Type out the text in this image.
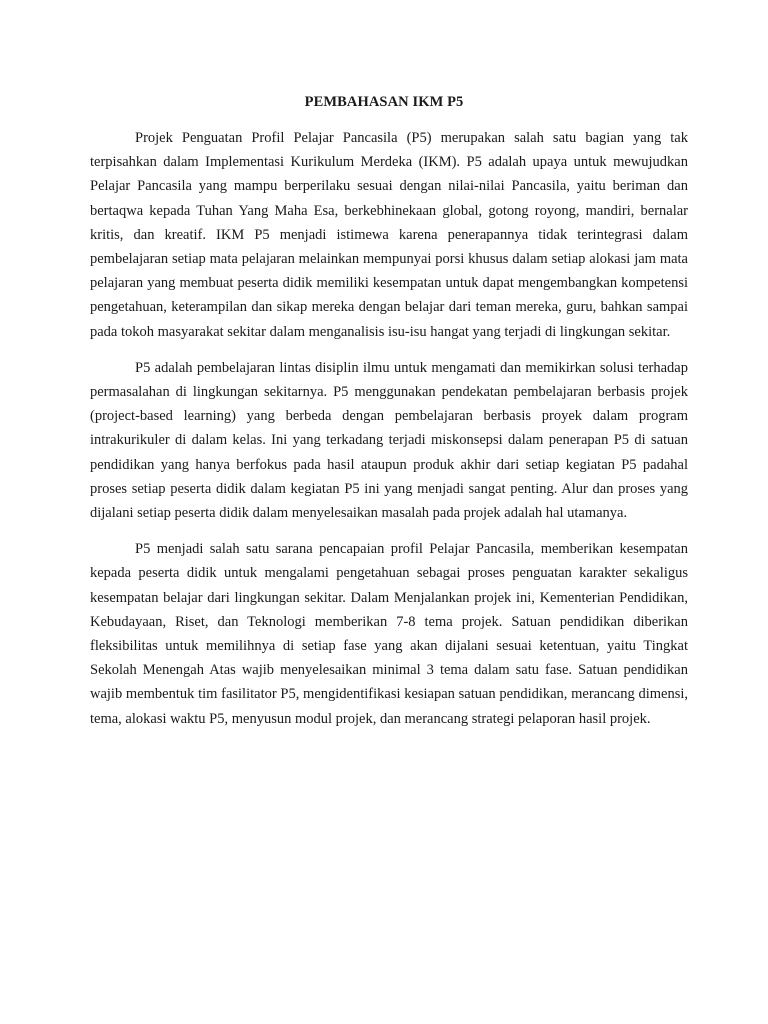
PEMBAHASAN IKM P5

Projek Penguatan Profil Pelajar Pancasila (P5) merupakan salah satu bagian yang tak terpisahkan dalam Implementasi Kurikulum Merdeka (IKM). P5 adalah upaya untuk mewujudkan Pelajar Pancasila yang mampu berperilaku sesuai dengan nilai-nilai Pancasila, yaitu beriman dan bertaqwa kepada Tuhan Yang Maha Esa, berkebhinekaan global, gotong royong, mandiri, bernalar kritis, dan kreatif. IKM P5 menjadi istimewa karena penerapannya tidak terintegrasi dalam pembelajaran setiap mata pelajaran melainkan mempunyai porsi khusus dalam setiap alokasi jam mata pelajaran yang membuat peserta didik memiliki kesempatan untuk dapat mengembangkan kompetensi pengetahuan, keterampilan dan sikap mereka dengan belajar dari teman mereka, guru, bahkan sampai pada tokoh masyarakat sekitar dalam menganalisis isu-isu hangat yang terjadi di lingkungan sekitar.

P5 adalah pembelajaran lintas disiplin ilmu untuk mengamati dan memikirkan solusi terhadap permasalahan di lingkungan sekitarnya. P5 menggunakan pendekatan pembelajaran berbasis projek (project-based learning) yang berbeda dengan pembelajaran berbasis proyek dalam program intrakurikuler di dalam kelas. Ini yang terkadang terjadi miskonsepsi dalam penerapan P5 di satuan pendidikan yang hanya berfokus pada hasil ataupun produk akhir dari setiap kegiatan P5 padahal proses setiap peserta didik dalam kegiatan P5 ini yang menjadi sangat penting. Alur dan proses yang dijalani setiap peserta didik dalam menyelesaikan masalah pada projek adalah hal utamanya.

P5 menjadi salah satu sarana pencapaian profil Pelajar Pancasila, memberikan kesempatan kepada peserta didik untuk mengalami pengetahuan sebagai proses penguatan karakter sekaligus kesempatan belajar dari lingkungan sekitar. Dalam Menjalankan projek ini, Kementerian Pendidikan, Kebudayaan, Riset, dan Teknologi memberikan 7-8 tema projek. Satuan pendidikan diberikan fleksibilitas untuk memilihnya di setiap fase yang akan dijalani sesuai ketentuan, yaitu Tingkat Sekolah Menengah Atas wajib menyelesaikan minimal 3 tema dalam satu fase. Satuan pendidikan wajib membentuk tim fasilitator P5, mengidentifikasi kesiapan satuan pendidikan, merancang dimensi, tema, alokasi waktu P5, menyusun modul projek, dan merancang strategi pelaporan hasil projek.
